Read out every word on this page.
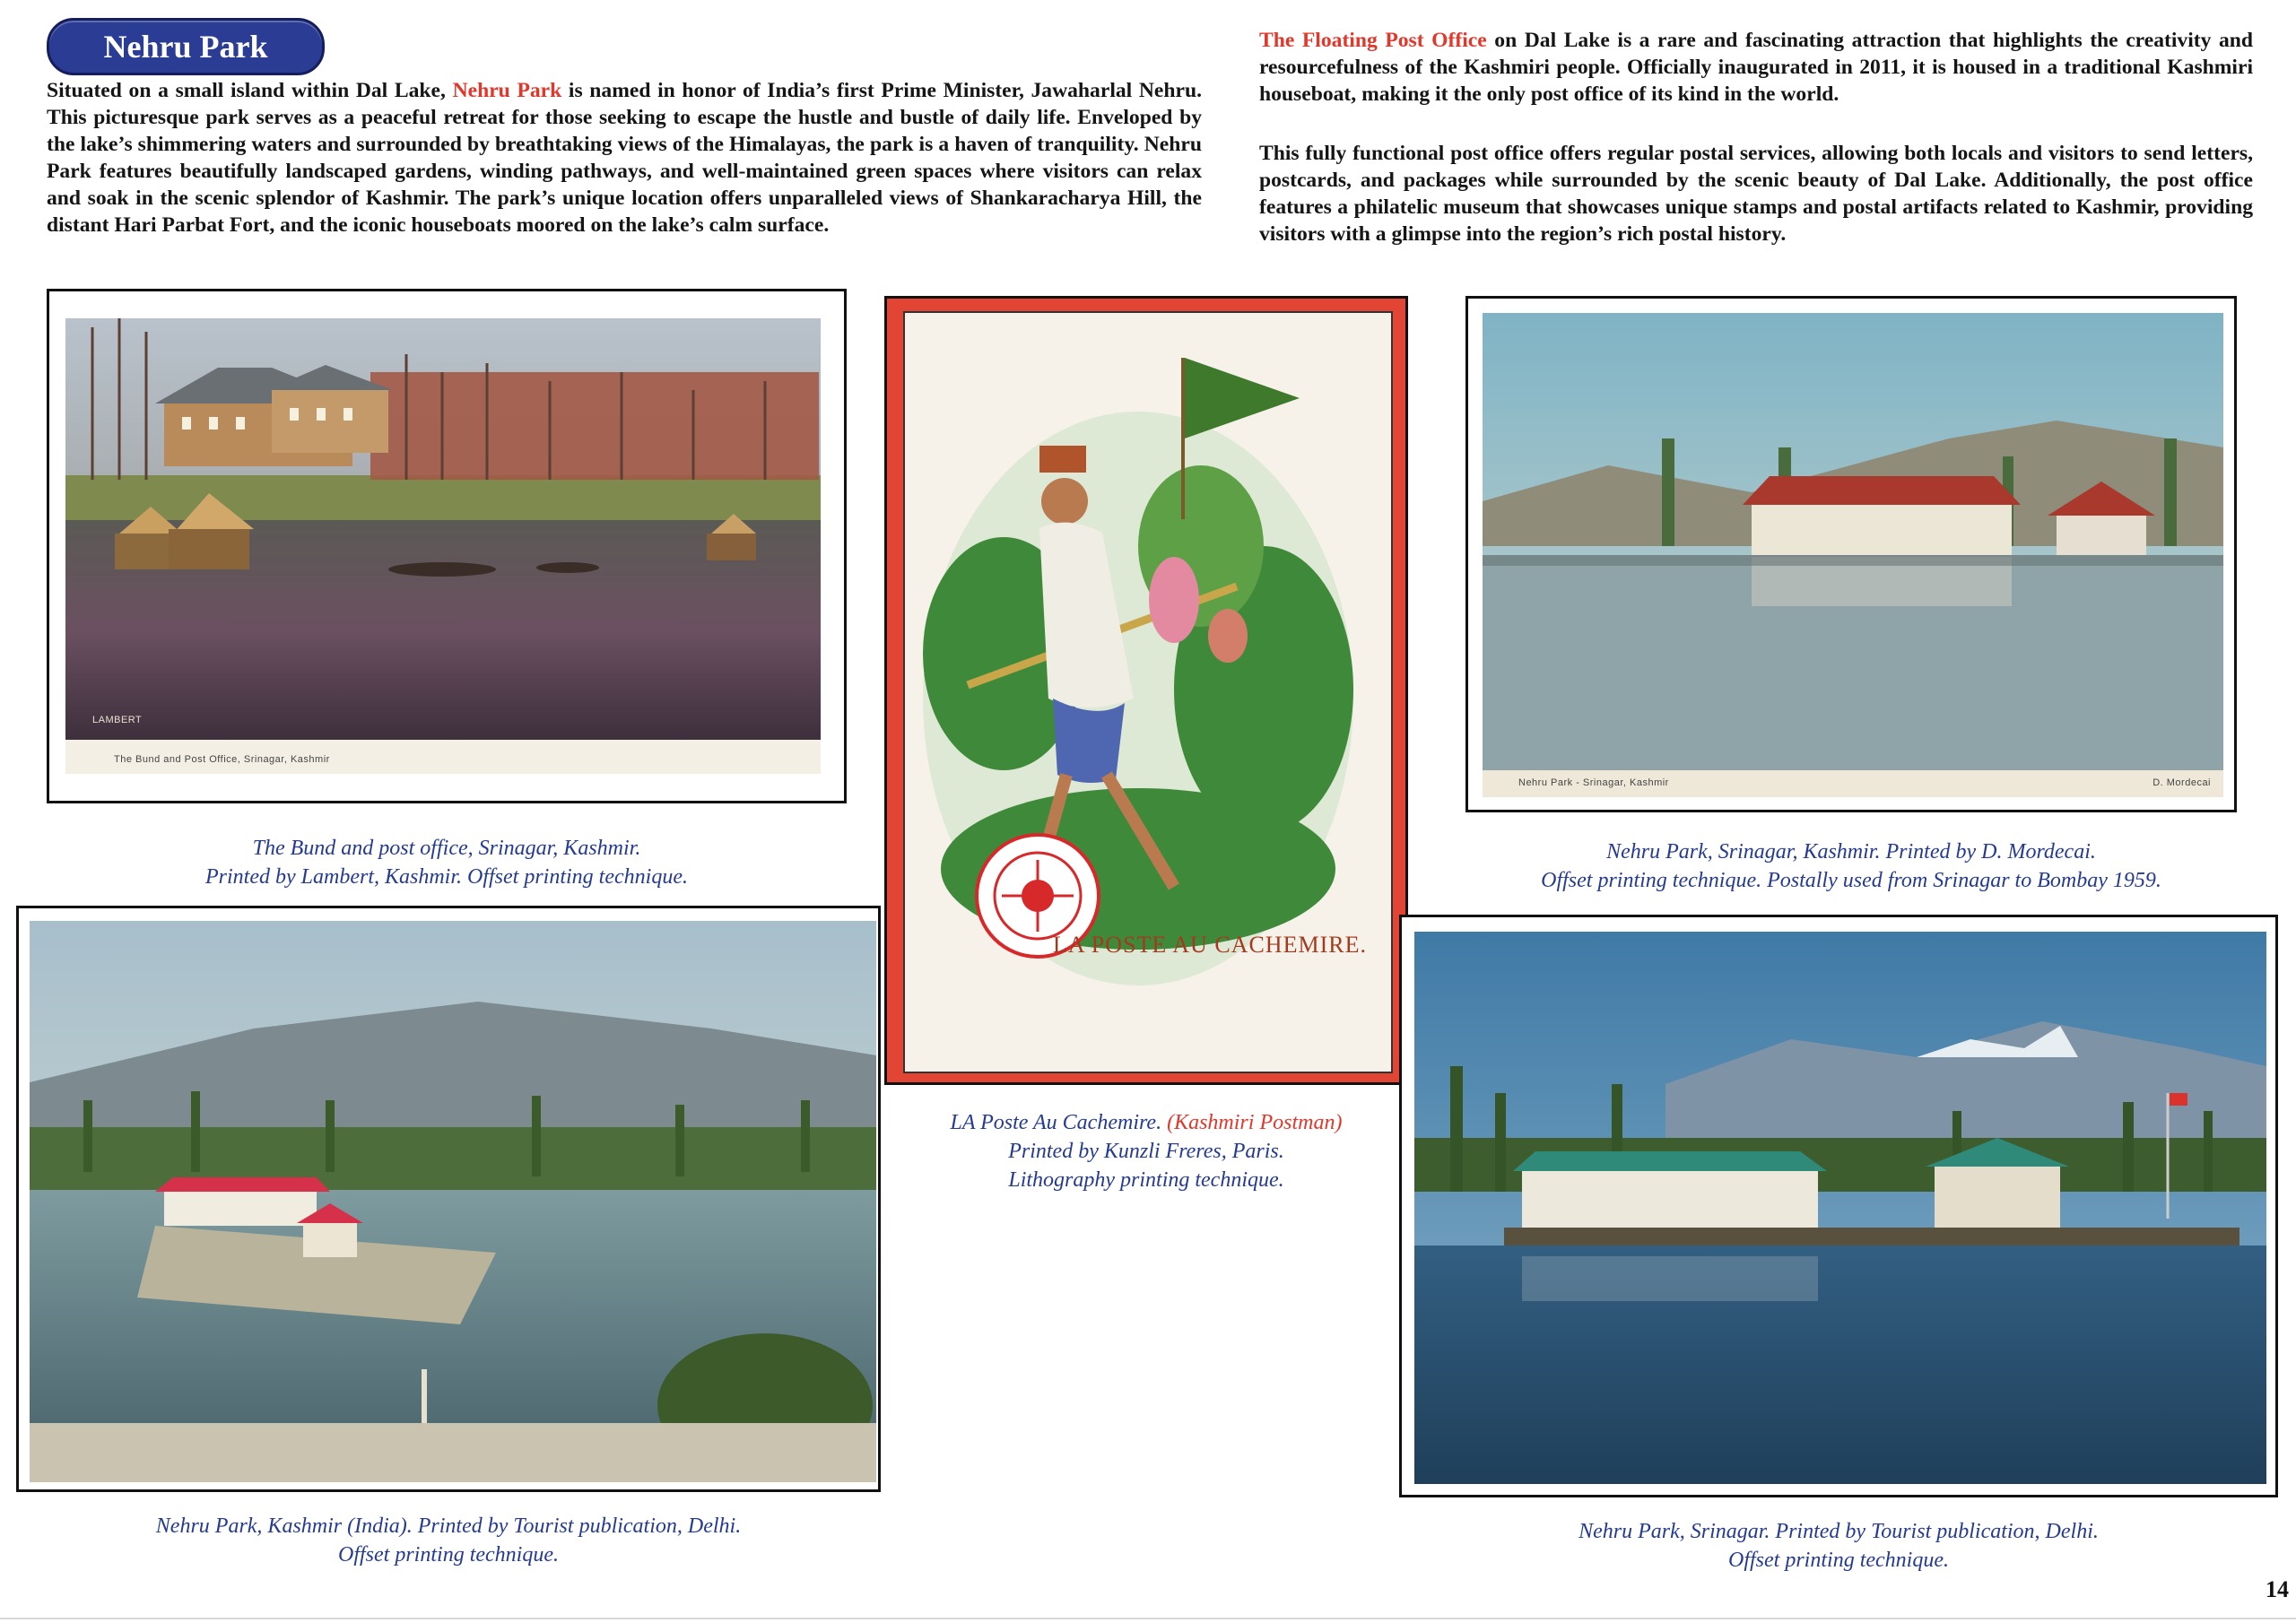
Nehru Park

Situated on a small island within Dal Lake, Nehru Park is named in honor of India’s first Prime Minister, Jawaharlal Nehru. This picturesque park serves as a peaceful retreat for those seeking to escape the hustle and bustle of daily life. Enveloped by the lake’s shimmering waters and surrounded by breathtaking views of the Himalayas, the park is a haven of tranquility. Nehru Park features beautifully landscaped gardens, winding pathways, and well-maintained green spaces where visitors can relax and soak in the scenic splendor of Kashmir. The park’s unique location offers unparalleled views of Shankaracharya Hill, the distant Hari Parbat Fort, and the iconic houseboats moored on the lake’s calm surface.

The Floating Post Office on Dal Lake is a rare and fascinating attraction that highlights the creativity and resourcefulness of the Kashmiri people. Officially inaugurated in 2011, it is housed in a traditional Kashmiri houseboat, making it the only post office of its kind in the world.

This fully functional post office offers regular postal services, allowing both locals and visitors to send letters, postcards, and packages while surrounded by the scenic beauty of Dal Lake. Additionally, the post office features a philatelic museum that showcases unique stamps and postal artifacts related to Kashmir, providing visitors with a glimpse into the region’s rich postal history.

LAMBERT
The Bund and Post Office, Srinagar, Kashmir
The Bund and post office, Srinagar, Kashmir.
Printed by Lambert, Kashmir. Offset printing technique.
LA POSTE AU CACHEMIRE.
LA Poste Au Cachemire. (Kashmiri Postman)
Printed by Kunzli Freres, Paris.
Lithography printing technique.
Nehru Park - Srinagar, Kashmir	D. Mordecai
Nehru Park, Srinagar, Kashmir. Printed by D. Mordecai.
Offset printing technique. Postally used from Srinagar to Bombay 1959.
Nehru Park, Kashmir (India). Printed by Tourist publication, Delhi.
Offset printing technique.
Nehru Park, Srinagar. Printed by Tourist publication, Delhi.
Offset printing technique.
14
